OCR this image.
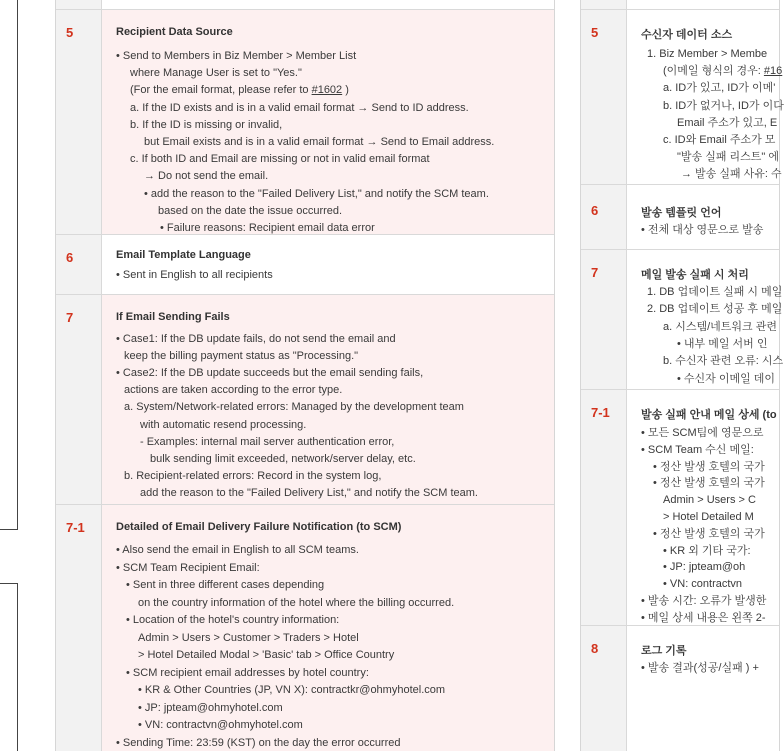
5	Recipient Data Source
• Send to Members in Biz Member > Member List
where Manage User is set to "Yes."
(For the email format, please refer to #1602 )
a. If the ID exists and is in a valid email format → Send to ID address.
b. If the ID is missing or invalid,
but Email exists and is in a valid email format → Send to Email address.
c. If both ID and Email are missing or not in valid email format
→ Do not send the email.
• add the reason to the "Failed Delivery List," and notify the SCM team.
based on the date the issue occurred.
• Failure reasons: Recipient email data error
6	Email Template Language
• Sent in English to all recipients
7	If Email Sending Fails
• Case1: If the DB update fails, do not send the email and
keep the billing payment status as "Processing."
• Case2: If the DB update succeeds but the email sending fails,
actions are taken according to the error type.
a. System/Network-related errors: Managed by the development team
with automatic resend processing.
- Examples: internal mail server authentication error,
bulk sending limit exceeded, network/server delay, etc.
b. Recipient-related errors: Record in the system log,
add the reason to the "Failed Delivery List," and notify the SCM team.
7-1	Detailed of Email Delivery Failure Notification (to SCM)
• Also send the email in English to all SCM teams.
• SCM Team Recipient Email:
• Sent in three different cases depending
on the country information of the hotel where the billing occurred.
• Location of the hotel's country information:
Admin > Users > Customer > Traders > Hotel
> Hotel Detailed Modal > 'Basic' tab > Office Country
• SCM recipient email addresses by hotel country:
• KR & Other Countries (JP, VN X): contractkr@ohmyhotel.com
• JP: jpteam@ohmyhotel.com
• VN: contractvn@ohmyhotel.com
• Sending Time: 23:59 (KST) on the day the error occurred
5	수신자 데이터 소스
1. Biz Member > Membe
(이메일 형식의 경우: #16
a. ID가 있고, ID가 이메'
b. ID가 없거나, ID가 이다
Email 주소가 있고, E
c. ID와 Email 주소가 모
"발송 실패 리스트" 에
→ 발송 실패 사유: 수
6	발송 템플릿 언어
• 전체 대상 영문으로 발송
7	메일 발송 실패 시 처리
1. DB 업데이트 실패 시 메일
2. DB 업데이트 성공 후 메일
a. 시스템/네트워크 관련
• 내부 메일 서버 인
b. 수신자 관련 오류: 시스
• 수신자 이메일 데이
7-1	발송 실패 안내 메일 상세 (to
• 모든 SCM팀에 영문으로
• SCM Team 수신 메일:
• 정산 발생 호텔의 국가
• 정산 발생 호텔의 국가
Admin > Users > C
> Hotel Detailed M
• 정산 발생 호텔의 국가
• KR 외 기타 국가:
• JP: jpteam@oh
• VN: contractvn
• 발송 시간: 오류가 발생한
• 메일 상세 내용은 왼쪽 2-
8	로그 기록
• 발송 결과(성공/실패 ) +
